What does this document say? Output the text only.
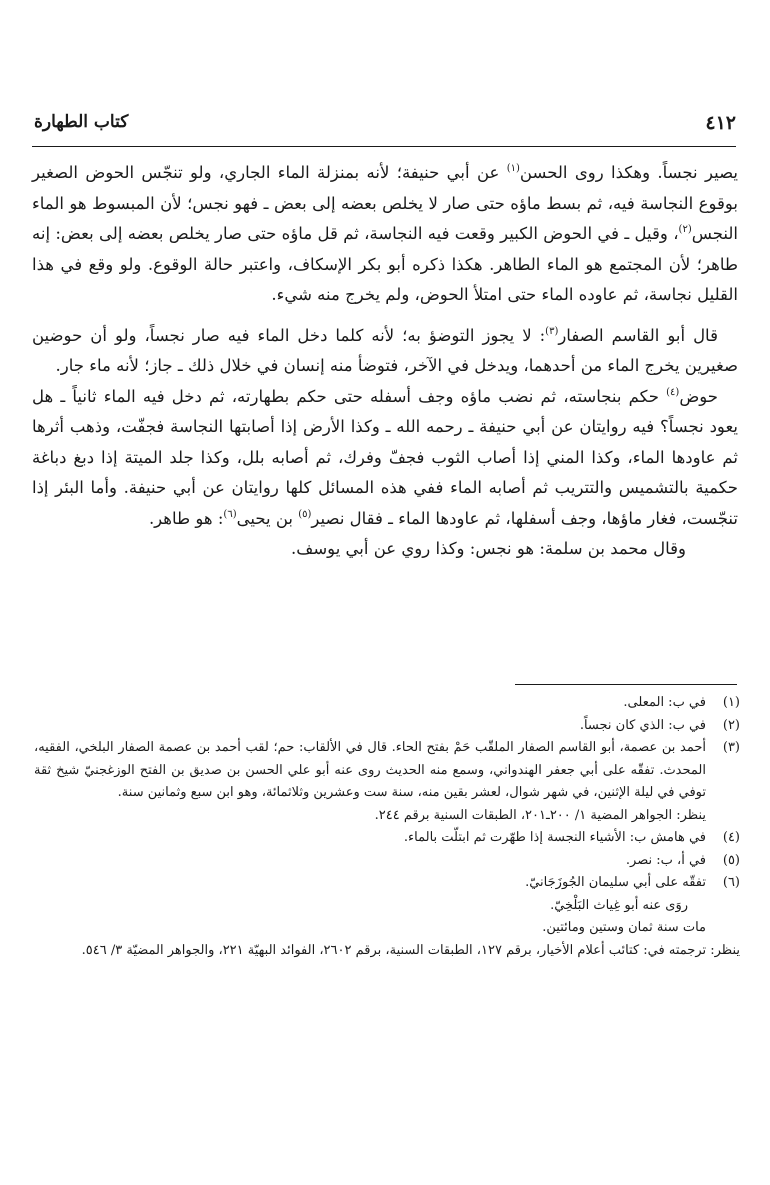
٤١٢
كتاب الطهارة

يصير نجساً. وهكذا روى الحسن$^{(١)}$ عن أبي حنيفة؛ لأنه بمنزلة الماء الجاري، ولو تنجّس الحوض الصغير بوقوع النجاسة فيه، ثم بسط ماؤه حتى صار لا يخلص بعضه إلى بعض ـ فهو نجس؛ لأن المبسوط هو الماء النجس$^{(٢)}$، وقيل ـ في الحوض الكبير وقعت فيه النجاسة، ثم قل ماؤه حتى صار يخلص بعضه إلى بعض: إنه طاهر؛ لأن المجتمع هو الماء الطاهر. هكذا ذكره أبو بكر الإسكاف، واعتبر حالة الوقوع. ولو وقع في هذا القليل نجاسة، ثم عاوده الماء حتى امتلأ الحوض، ولم يخرج منه شيء.

قال أبو القاسم الصفار$^{(٣)}$: لا يجوز التوضؤ به؛ لأنه كلما دخل الماء فيه صار نجساً، ولو أن حوضين صغيرين يخرج الماء من أحدهما، ويدخل في الآخر، فتوضأ منه إنسان في خلال ذلك ـ جاز؛ لأنه ماء جار.

حوض$^{(٤)}$ حكم بنجاسته، ثم نضب ماؤه وجف أسفله حتى حكم بطهارته، ثم دخل فيه الماء ثانياً ـ هل يعود نجساً؟ فيه روايتان عن أبي حنيفة ـ رحمه الله ـ وكذا الأرض إذا أصابتها النجاسة فجفّت، وذهب أثرها ثم عاودها الماء، وكذا المني إذا أصاب الثوب فجفّ وفرك، ثم أصابه بلل، وكذا جلد الميتة إذا دبغ دباغة حكمية بالتشميس والتتريب ثم أصابه الماء ففي هذه المسائل كلها روايتان عن أبي حنيفة. وأما البئر إذا تنجّست، فغار ماؤها، وجف أسفلها، ثم عاودها الماء ـ فقال نصير$^{(٥)}$ بن يحيى$^{(٦)}$: هو طاهر.

وقال محمد بن سلمة: هو نجس: وكذا روي عن أبي يوسف.

(١)
في ب: المعلى.
(٢)
في ب: الذي كان نجساً.
(٣)
أحمد بن عصمة، أبو القاسم الصفار الملقّب حَمْ بفتح الحاء. قال في الألقاب: حم؛ لقب أحمد بن عصمة الصفار البلخي، الفقيه، المحدث. تفقّه على أبي جعفر الهندواني، وسمع منه الحديث روى عنه أبو علي الحسن بن صديق بن الفتح الوزغجنيّ شيخ ثقة توفي في ليلة الإثنين، في شهر شوال، لعشر بقين منه، سنة ست وعشرين وثلاثمائة، وهو ابن سبع وثمانين سنة.
ينظر: الجواهر المضية ١/ ٢٠٠ـ٢٠١، الطبقات السنية برقم ٢٤٤.
(٤)
في هامش ب: الأشياء النجسة إذا طهّرت ثم ابتلّت بالماء.
(٥)
في أ، ب: نصر.
(٦)
تفقّه على أبي سليمان الجُوزَجَانيّ.
روَى عنه أبو غِياث البَلْخِيّ.
مات سنة ثمان وستين ومائتين.
ينظر: ترجمته في: كتائب أعلام الأخيار، برقم ١٢٧، الطبقات السنية، برقم ٢٦٠٢، الفوائد البهيّة ٢٢١، والجواهر المضيّة ٣/ ٥٤٦.
